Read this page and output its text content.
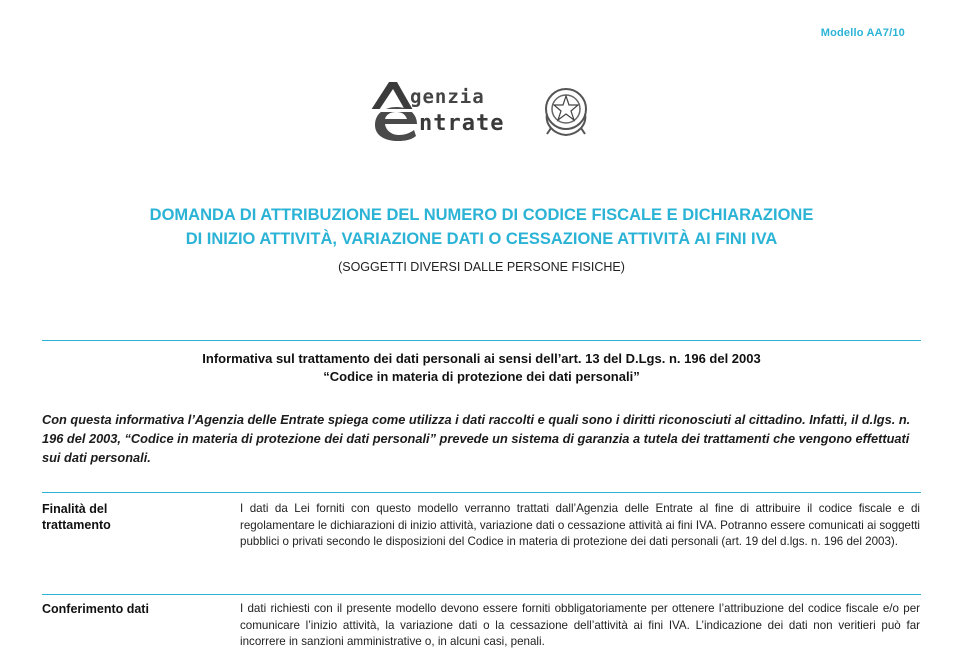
Modello AA7/10
genzia
ntrate
DOMANDA DI ATTRIBUZIONE DEL NUMERO DI CODICE FISCALE E DICHIARAZIONE
DI INIZIO ATTIVITÀ, VARIAZIONE DATI O CESSAZIONE ATTIVITÀ AI FINI IVA
(SOGGETTI DIVERSI DALLE PERSONE FISICHE)
Informativa sul trattamento dei dati personali ai sensi dell’art. 13 del D.Lgs. n. 196 del 2003
“Codice in materia di protezione dei dati personali”
Con questa informativa l’Agenzia delle Entrate spiega come utilizza i dati raccolti e quali sono i diritti riconosciuti al cittadino. Infatti, il d.lgs. n. 196 del 2003, “Codice in materia di protezione dei dati personali” prevede un sistema di garanzia a tutela dei trattamenti che vengono effettuati sui dati personali.
Finalità del
trattamento

I dati da Lei forniti con questo modello verranno trattati dall’Agenzia delle Entrate al fine di attribuire il codice fiscale e di regolamentare le dichiarazioni di inizio attività, variazione dati o cessazione attività ai fini IVA. Potranno essere comunicati ai soggetti pubblici o privati secondo le disposizioni del Codice in materia di protezione dei dati personali (art. 19 del d.lgs. n. 196 del 2003).

Conferimento dati	I dati richiesti con il presente modello devono essere forniti obbligatoriamente per ottenere l’attribuzione del codice fiscale e/o per comunicare l’inizio attività, la variazione dati o la cessazione dell’attività ai fini IVA. L’indicazione dei dati non veritieri può far incorrere in sanzioni amministrative o, in alcuni casi, penali.
